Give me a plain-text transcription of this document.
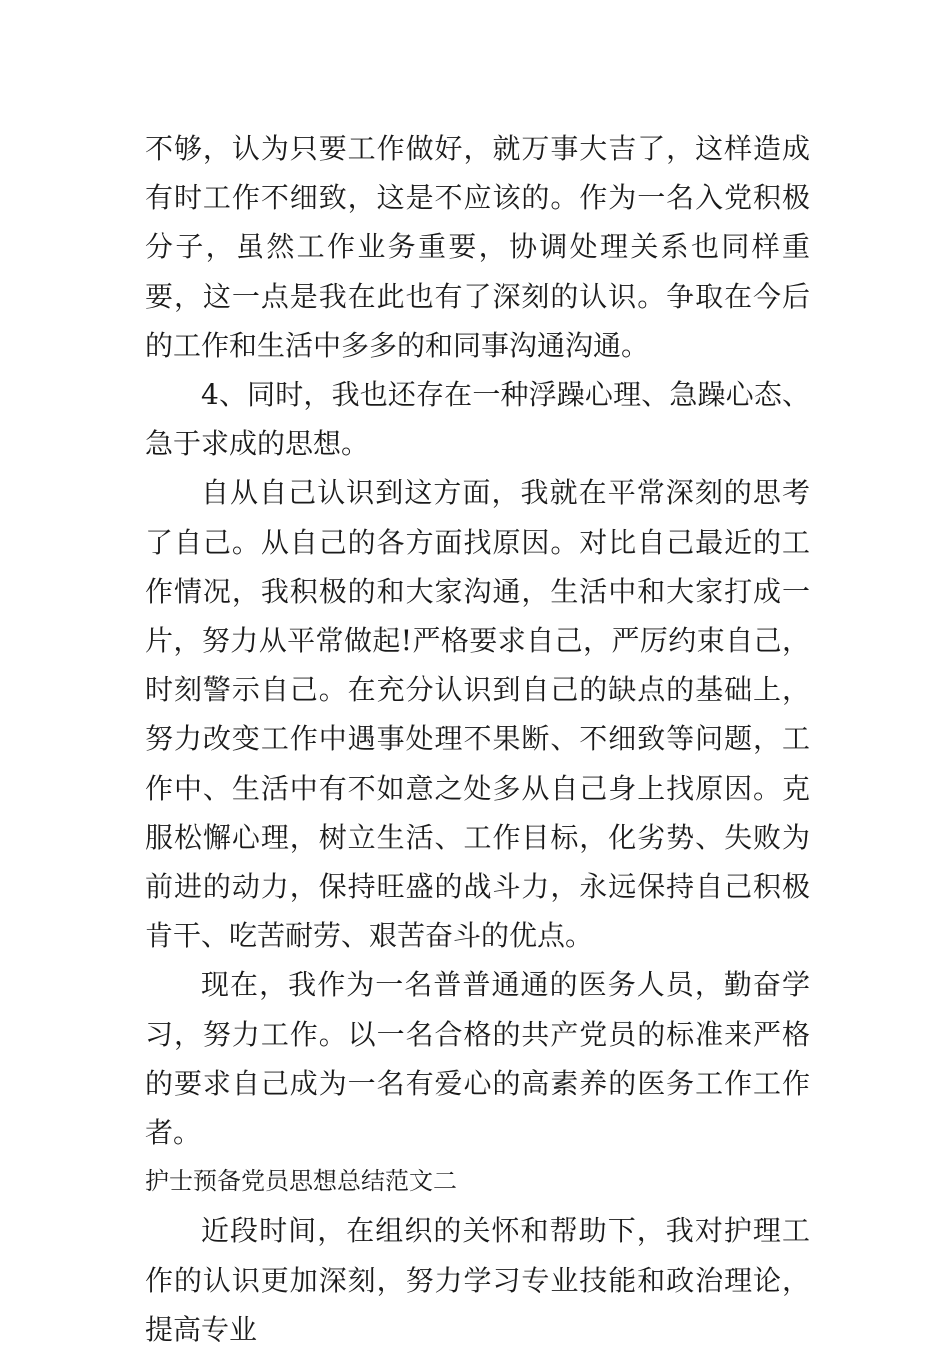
不够，认为只要工作做好，就万事大吉了，这样造成有时工作不细致，这是不应该的。作为一名入党积极分子，虽然工作业务重要，协调处理关系也同样重要，这一点是我在此也有了深刻的认识。争取在今后的工作和生活中多多的和同事沟通沟通。

4、同时，我也还存在一种浮躁心理、急躁心态、急于求成的思想。

自从自己认识到这方面，我就在平常深刻的思考了自己。从自己的各方面找原因。对比自己最近的工作情况，我积极的和大家沟通，生活中和大家打成一片，努力从平常做起!严格要求自己，严厉约束自己，时刻警示自己。在充分认识到自己的缺点的基础上，努力改变工作中遇事处理不果断、不细致等问题，工作中、生活中有不如意之处多从自己身上找原因。克服松懈心理，树立生活、工作目标，化劣势、失败为前进的动力，保持旺盛的战斗力，永远保持自己积极肯干、吃苦耐劳、艰苦奋斗的优点。

现在，我作为一名普普通通的医务人员，勤奋学习，努力工作。以一名合格的共产党员的标准来严格的要求自己成为一名有爱心的高素养的医务工作工作者。

护士预备党员思想总结范文二

近段时间，在组织的关怀和帮助下，我对护理工作的认识更加深刻，努力学习专业技能和政治理论，提高专业
